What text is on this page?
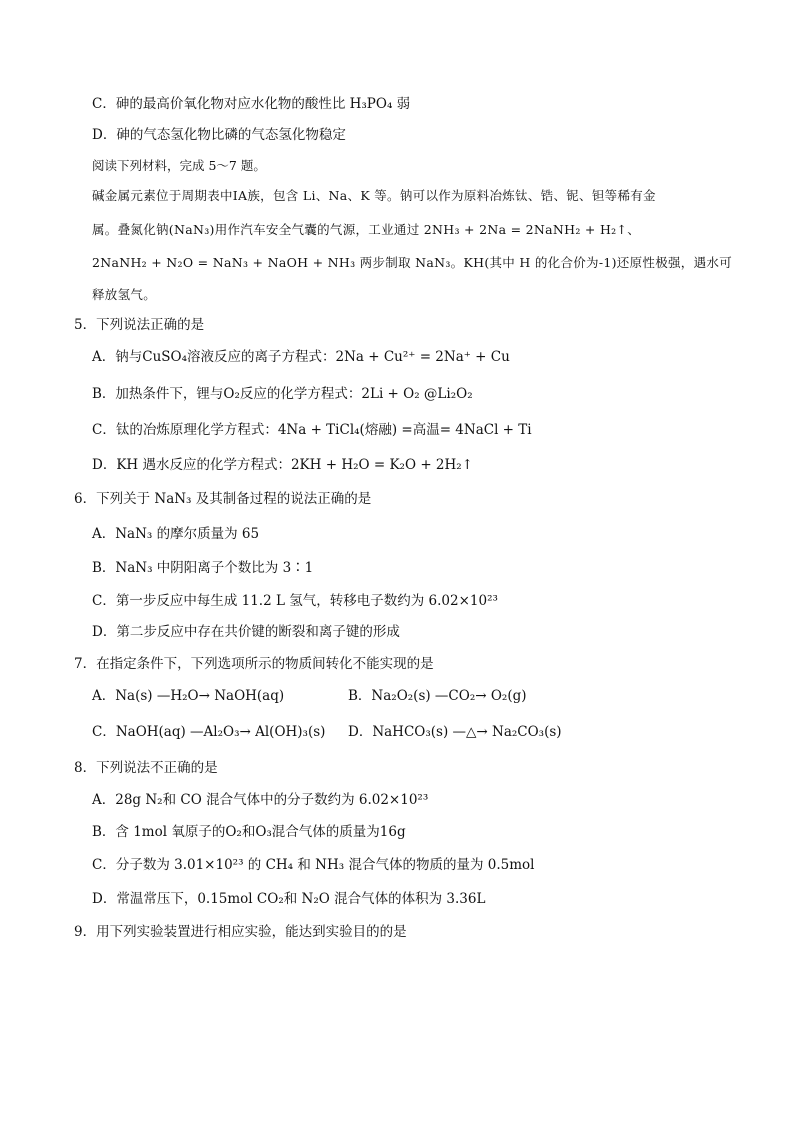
C．砷的最高价氧化物对应水化物的酸性比 H₃PO₄ 弱
D．砷的气态氢化物比磷的气态氢化物稳定
阅读下列材料，完成 5～7 题。
碱金属元素位于周期表中ⅠA族，包含 Li、Na、K 等。钠可以作为原料冶炼钛、锆、铌、钽等稀有金
属。叠氮化钠(NaN₃)用作汽车安全气囊的气源，工业通过 2NH₃ + 2Na = 2NaNH₂ + H₂↑、
2NaNH₂ + N₂O = NaN₃ + NaOH + NH₃ 两步制取 NaN₃。KH(其中 H 的化合价为-1)还原性极强，遇水可
释放氢气。
5．下列说法正确的是
A．钠与CuSO₄溶液反应的离子方程式：2Na + Cu²⁺ = 2Na⁺ + Cu
B．加热条件下，锂与O₂反应的化学方程式：2Li + O₂ @Li₂O₂
C．钛的冶炼原理化学方程式：4Na + TiCl₄(熔融) =高温= 4NaCl + Ti
D．KH 遇水反应的化学方程式：2KH + H₂O = K₂O + 2H₂↑
6．下列关于 NaN₃ 及其制备过程的说法正确的是
A．NaN₃ 的摩尔质量为 65
B．NaN₃ 中阴阳离子个数比为 3∶1
C．第一步反应中每生成 11.2 L 氢气，转移电子数约为 6.02×10²³
D．第二步反应中存在共价键的断裂和离子键的形成
7．在指定条件下，下列选项所示的物质间转化不能实现的是
A．Na(s) —H₂O→ NaOH(aq)	B．Na₂O₂(s) —CO₂→ O₂(g)
C．NaOH(aq) —Al₂O₃→ Al(OH)₃(s) D．NaHCO₃(s) —△→ Na₂CO₃(s)
8．下列说法不正确的是
A．28g N₂和 CO 混合气体中的分子数约为 6.02×10²³
B．含 1mol 氧原子的O₂和O₃混合气体的质量为16g
C．分子数为 3.01×10²³ 的 CH₄ 和 NH₃ 混合气体的物质的量为 0.5mol
D．常温常压下，0.15mol CO₂和 N₂O 混合气体的体积为 3.36L
9．用下列实验装置进行相应实验，能达到实验目的的是
